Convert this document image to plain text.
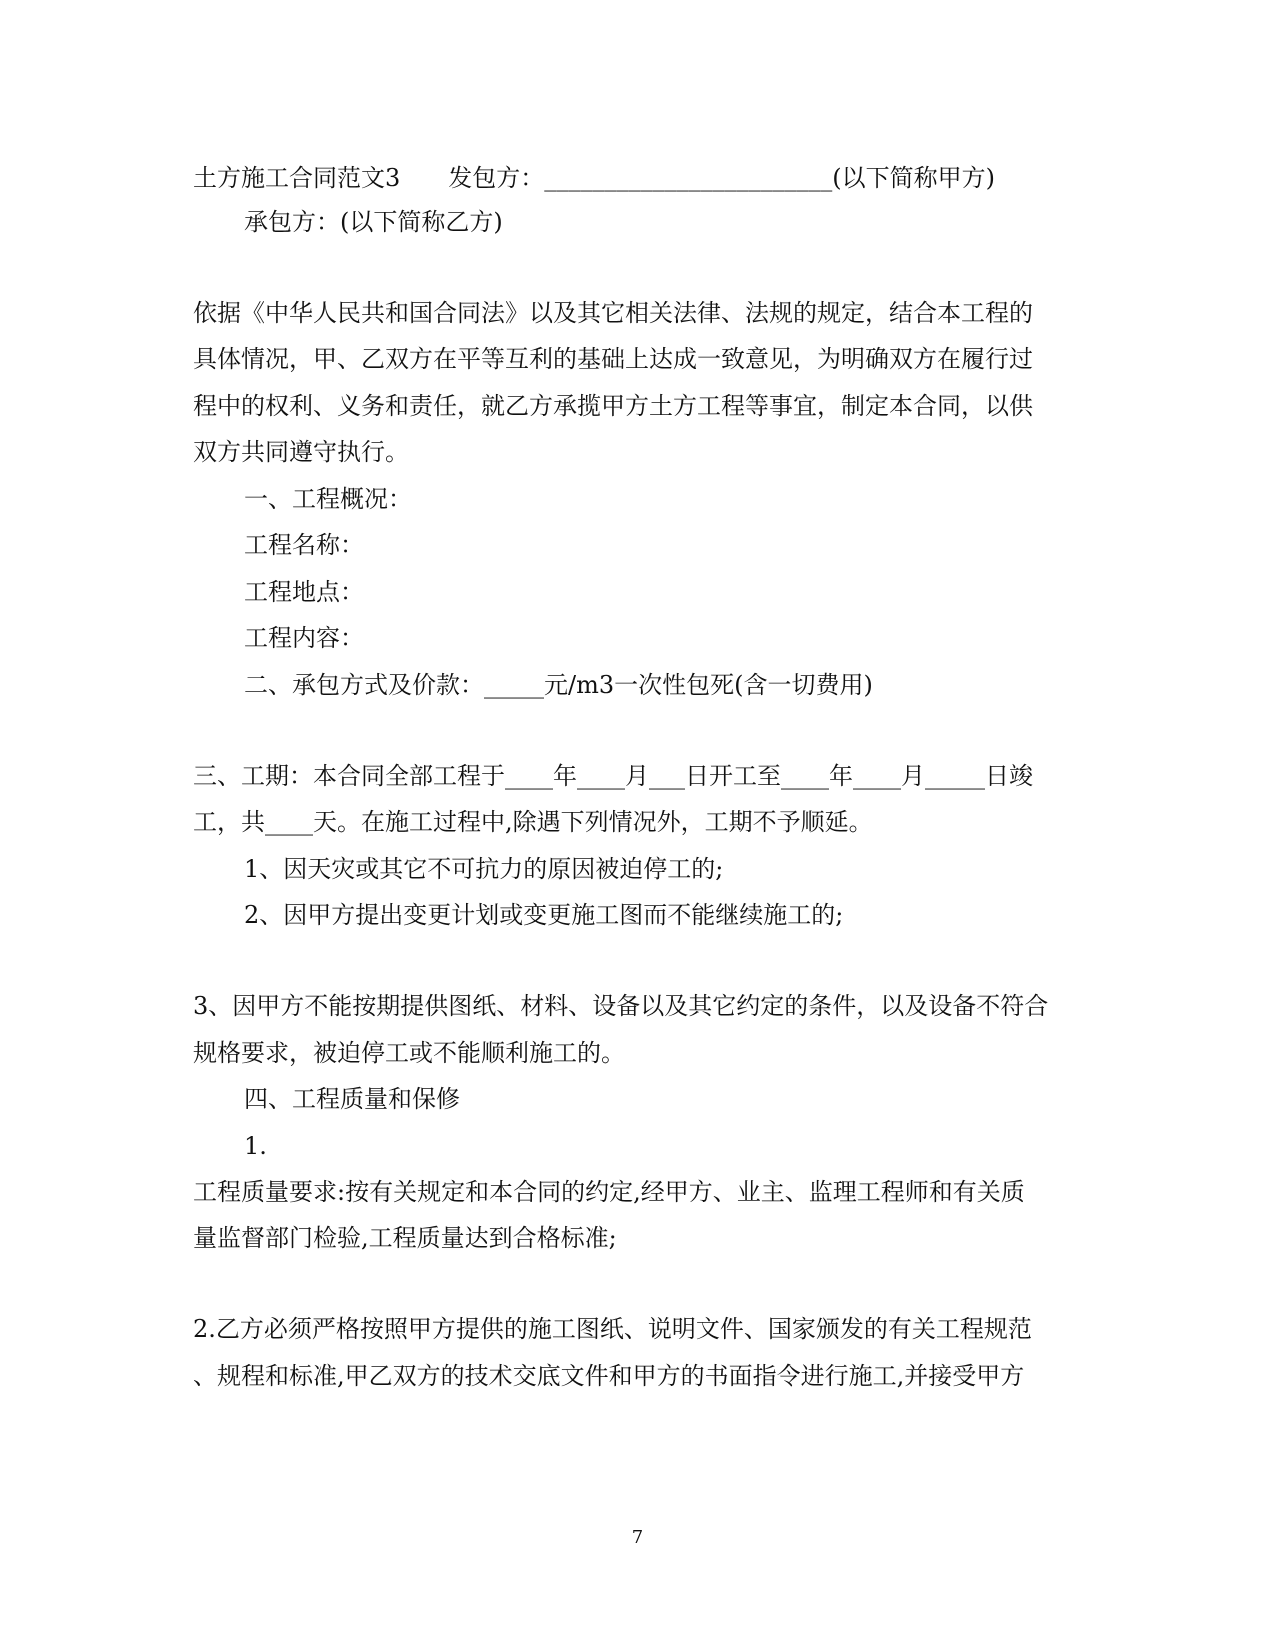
土方施工合同范文3　　发包方：________________________(以下简称甲方)
承包方：(以下简称乙方)
依据《中华人民共和国合同法》以及其它相关法律、法规的规定，结合本工程的
具体情况，甲、乙双方在平等互利的基础上达成一致意见，为明确双方在履行过
程中的权利、义务和责任，就乙方承揽甲方土方工程等事宜，制定本合同，以供
双方共同遵守执行。
一、工程概况：
工程名称：
工程地点：
工程内容：
二、承包方式及价款：_____元/m3一次性包死(含一切费用)
三、工期：本合同全部工程于____年____月___日开工至____年____月_____日竣
工，共____天。在施工过程中,除遇下列情况外，工期不予顺延。
1、因天灾或其它不可抗力的原因被迫停工的;
2、因甲方提出变更计划或变更施工图而不能继续施工的;
3、因甲方不能按期提供图纸、材料、设备以及其它约定的条件，以及设备不符合
规格要求，被迫停工或不能顺利施工的。
四、工程质量和保修
1.
工程质量要求:按有关规定和本合同的约定,经甲方、业主、监理工程师和有关质
量监督部门检验,工程质量达到合格标准;
2.乙方必须严格按照甲方提供的施工图纸、说明文件、国家颁发的有关工程规范
、规程和标准,甲乙双方的技术交底文件和甲方的书面指令进行施工,并接受甲方
7
